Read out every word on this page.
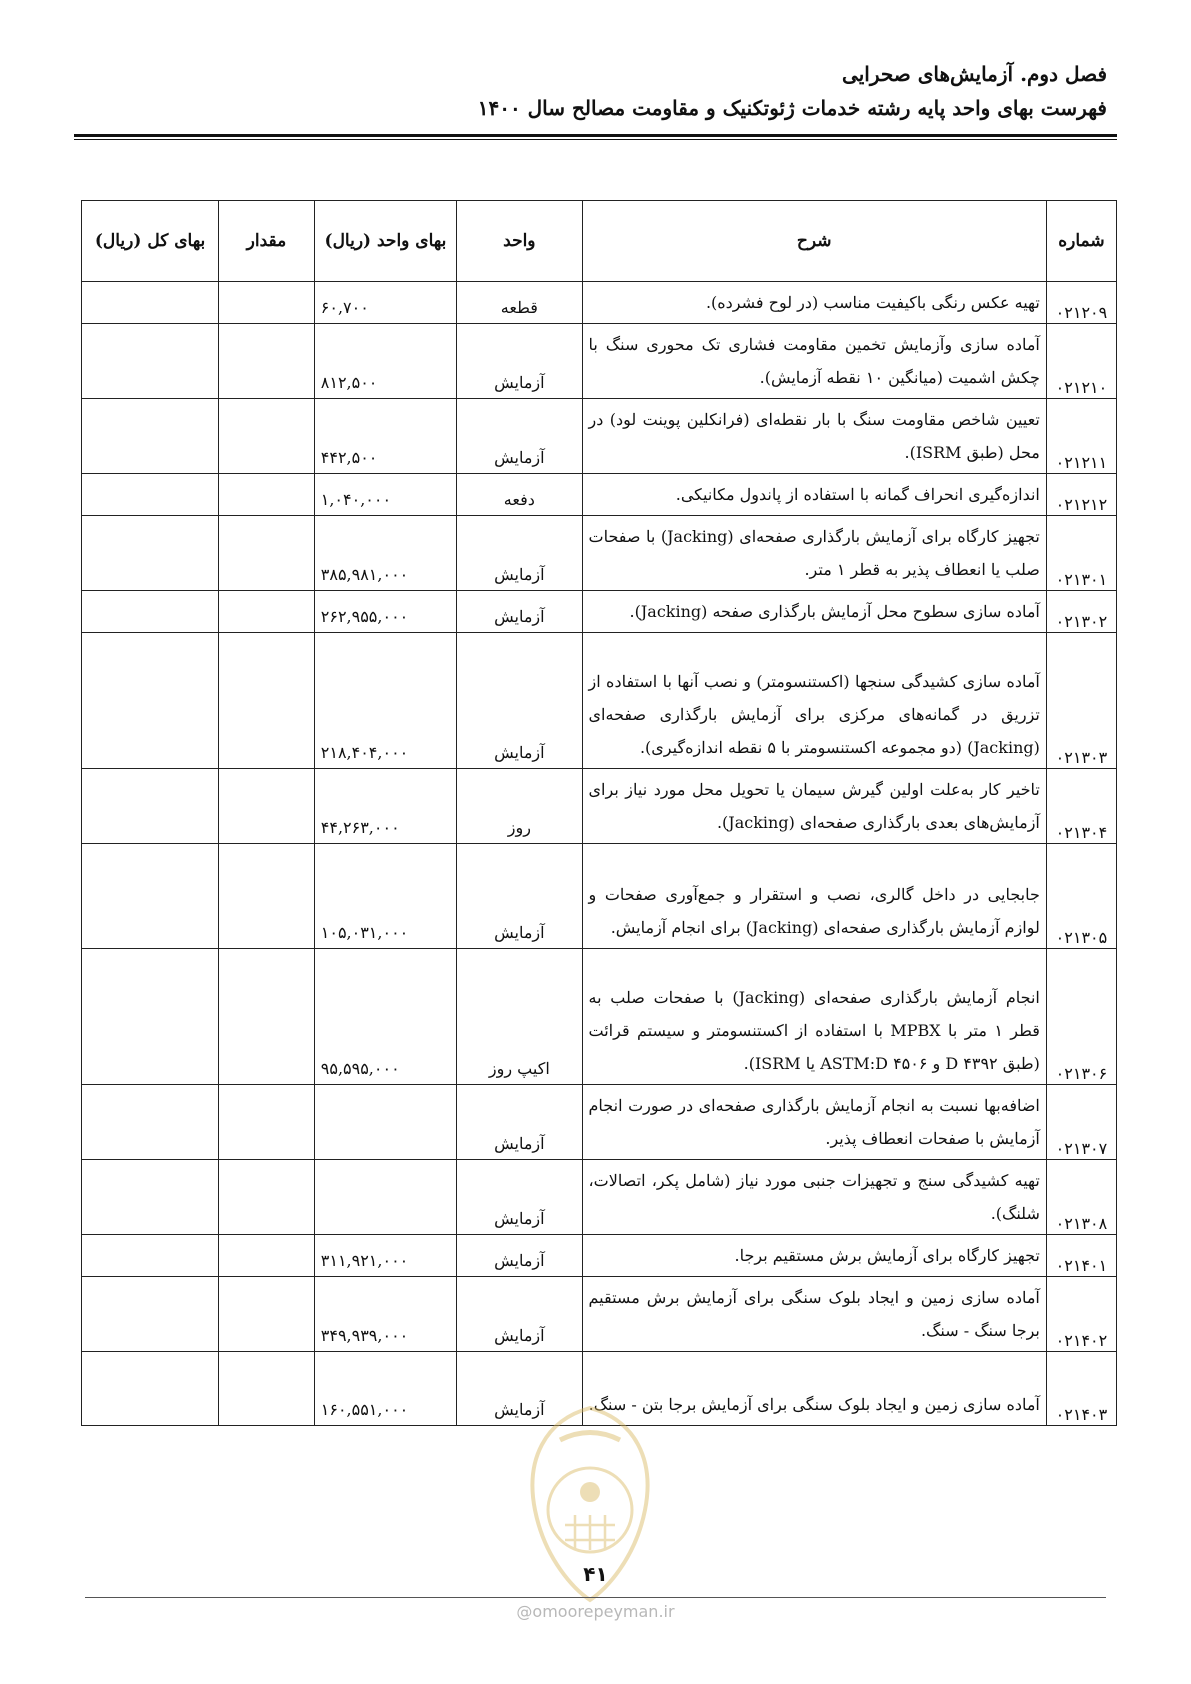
فصل دوم. آزمایش‌های صحرایی
فهرست بهای واحد پایه رشته خدمات ژئوتکنیک و مقاومت مصالح سال ۱۴۰۰
شماره	شرح	واحد	بهای واحد (ریال)	مقدار	بهای کل (ریال)
۰۲۱۲۰۹	تهیه عکس رنگی باکیفیت مناسب (در لوح فشرده).	قطعه	۶۰,۷۰۰		
۰۲۱۲۱۰	آماده سازی وآزمایش تخمین مقاومت فشاری تک محوری سنگ با چکش اشمیت (میانگین ۱۰ نقطه آزمایش).	آزمایش	۸۱۲,۵۰۰		
۰۲۱۲۱۱	تعیین شاخص مقاومت سنگ با بار نقطه‌ای (فرانکلین پوینت لود) در محل (طبق ISRM).	آزمایش	۴۴۲,۵۰۰		
۰۲۱۲۱۲	اندازه‌گیری انحراف گمانه با استفاده از پاندول مکانیکی.	دفعه	۱,۰۴۰,۰۰۰		
۰۲۱۳۰۱	تجهیز کارگاه برای آزمایش بارگذاری صفحه‌ای (Jacking) با صفحات صلب یا انعطاف پذیر به قطر ۱ متر.	آزمایش	۳۸۵,۹۸۱,۰۰۰		
۰۲۱۳۰۲	آماده سازی سطوح محل آزمایش بارگذاری صفحه (Jacking).	آزمایش	۲۶۲,۹۵۵,۰۰۰		
۰۲۱۳۰۳	آماده سازی کشیدگی سنجها (اکستنسومتر) و نصب آنها با استفاده از تزریق در گمانه‌های مرکزی برای آزمایش بارگذاری صفحه‌ای (Jacking) (دو مجموعه اکستنسومتر با ۵ نقطه اندازه‌گیری).	آزمایش	۲۱۸,۴۰۴,۰۰۰		
۰۲۱۳۰۴	تاخیر کار به‌علت اولین گیرش سیمان یا تحویل محل مورد نیاز برای آزمایش‌های بعدی بارگذاری صفحه‌ای (Jacking).	روز	۴۴,۲۶۳,۰۰۰		
۰۲۱۳۰۵	جابجایی در داخل گالری، نصب و استقرار و جمع‌آوری صفحات و لوازم آزمایش بارگذاری صفحه‌ای (Jacking) برای انجام آزمایش.	آزمایش	۱۰۵,۰۳۱,۰۰۰		
۰۲۱۳۰۶	انجام آزمایش بارگذاری صفحه‌ای (Jacking) با صفحات صلب به قطر ۱ متر با MPBX با استفاده از اکستنسومتر و سیستم قرائت (طبق D ۴۳۹۲ و ASTM:D ۴۵۰۶ یا ISRM).	اکیپ روز	۹۵,۵۹۵,۰۰۰		
۰۲۱۳۰۷	اضافه‌بها نسبت به انجام آزمایش بارگذاری صفحه‌ای در صورت انجام آزمایش با صفحات انعطاف پذیر.	آزمایش			
۰۲۱۳۰۸	تهیه کشیدگی سنج و تجهیزات جنبی مورد نیاز (شامل پکر، اتصالات، شلنگ).	آزمایش			
۰۲۱۴۰۱	تجهیز کارگاه برای آزمایش برش مستقیم برجا.	آزمایش	۳۱۱,۹۲۱,۰۰۰		
۰۲۱۴۰۲	آماده سازی زمین و ایجاد بلوک سنگی برای آزمایش برش مستقیم برجا سنگ - سنگ.	آزمایش	۳۴۹,۹۳۹,۰۰۰		
۰۲۱۴۰۳	آماده سازی زمین و ایجاد بلوک سنگی برای آزمایش برجا بتن - سنگ.	آزمایش	۱۶۰,۵۵۱,۰۰۰		
۴۱
@omoorepeyman.ir
